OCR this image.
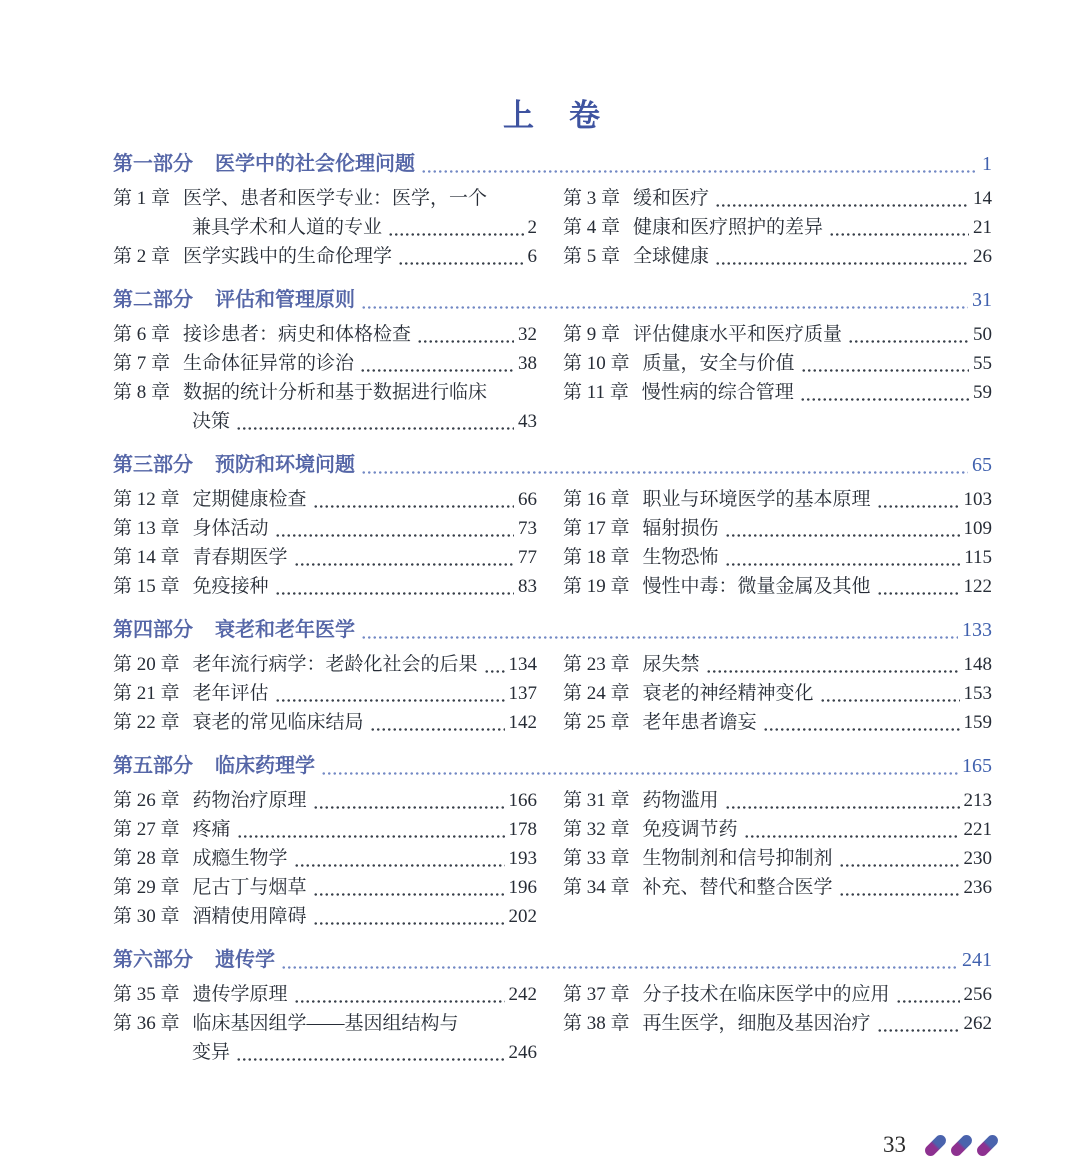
上　卷
第一部分 医学中的社会伦理问题	1
第 1 章 医学、患者和医学专业：医学，一个
兼具学术和人道的专业	2
第 2 章 医学实践中的生命伦理学	6
第 3 章 缓和医疗	14
第 4 章 健康和医疗照护的差异	21
第 5 章 全球健康	26
第二部分 评估和管理原则	31
第 6 章 接诊患者：病史和体格检查	32
第 7 章 生命体征异常的诊治	38
第 8 章 数据的统计分析和基于数据进行临床
决策	43
第 9 章 评估健康水平和医疗质量	50
第 10 章 质量，安全与价值	55
第 11 章 慢性病的综合管理	59
第三部分 预防和环境问题	65
第 12 章 定期健康检查	66
第 13 章 身体活动	73
第 14 章 青春期医学	77
第 15 章 免疫接种	83
第 16 章 职业与环境医学的基本原理	103
第 17 章 辐射损伤	109
第 18 章 生物恐怖	115
第 19 章 慢性中毒：微量金属及其他	122
第四部分 衰老和老年医学	133
第 20 章 老年流行病学：老龄化社会的后果 134
第 21 章 老年评估	137
第 22 章 衰老的常见临床结局	142
第 23 章 尿失禁	148
第 24 章 衰老的神经精神变化	153
第 25 章 老年患者谵妄	159
第五部分 临床药理学	165
第 26 章 药物治疗原理	166
第 27 章 疼痛	178
第 28 章 成瘾生物学	193
第 29 章 尼古丁与烟草	196
第 30 章 酒精使用障碍	202
第 31 章 药物滥用	213
第 32 章 免疫调节药	221
第 33 章 生物制剂和信号抑制剂	230
第 34 章 补充、替代和整合医学	236
第六部分 遗传学	241
第 35 章 遗传学原理	242
第 36 章 临床基因组学——基因组结构与
变异	246
第 37 章 分子技术在临床医学中的应用	256
第 38 章 再生医学，细胞及基因治疗	262
33
